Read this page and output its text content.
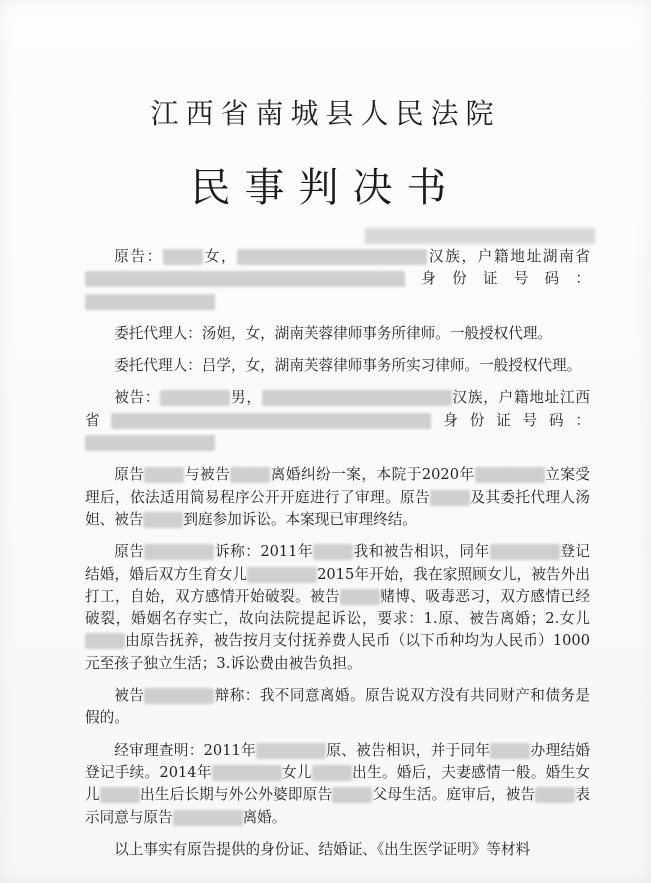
江西省南城县人民法院
民事判决书

原告：	女，	汉族，户籍地址湖南省身份证号码：

委托代理人：汤妲，女，湖南芙蓉律师事务所律师。一般授权代理。

委托代理人：吕学，女，湖南芙蓉律师事务所实习律师。一般授权代理。

被告：	男，	汉族，户籍地址江西省	身份证号码：

原告	与被告	离婚纠纷一案，本院于2020年	立案受理后，依法适用简易程序公开开庭进行了审理。原告	及其委托代理人汤妲、被告	到庭参加诉讼。本案现已审理终结。

原告	诉称：2011年	我和被告相识，同年	登记结婚，婚后双方生育女儿	2015年开始，我在家照顾女儿，被告外出打工，自始，双方感情开始破裂。被告	赌博、吸毒恶习，双方感情已经破裂，婚姻名存实亡，故向法院提起诉讼，要求：1.原、被告离婚；2.女儿由原告抚养，被告按月支付抚养费人民币（以下币种均为人民币）1000元至孩子独立生活；3.诉讼费由被告负担。

被告	辩称：我不同意离婚。原告说双方没有共同财产和债务是假的。

经审理查明：2011年	原、被告相识，并于同年	办理结婚登记手续。2014年	女儿	出生。婚后，夫妻感情一般。婚生女儿	出生后长期与外公外婆即原告	父母生活。庭审后，被告	表示同意与原告	离婚。

以上事实有原告提供的身份证、结婚证、《出生医学证明》等材料
